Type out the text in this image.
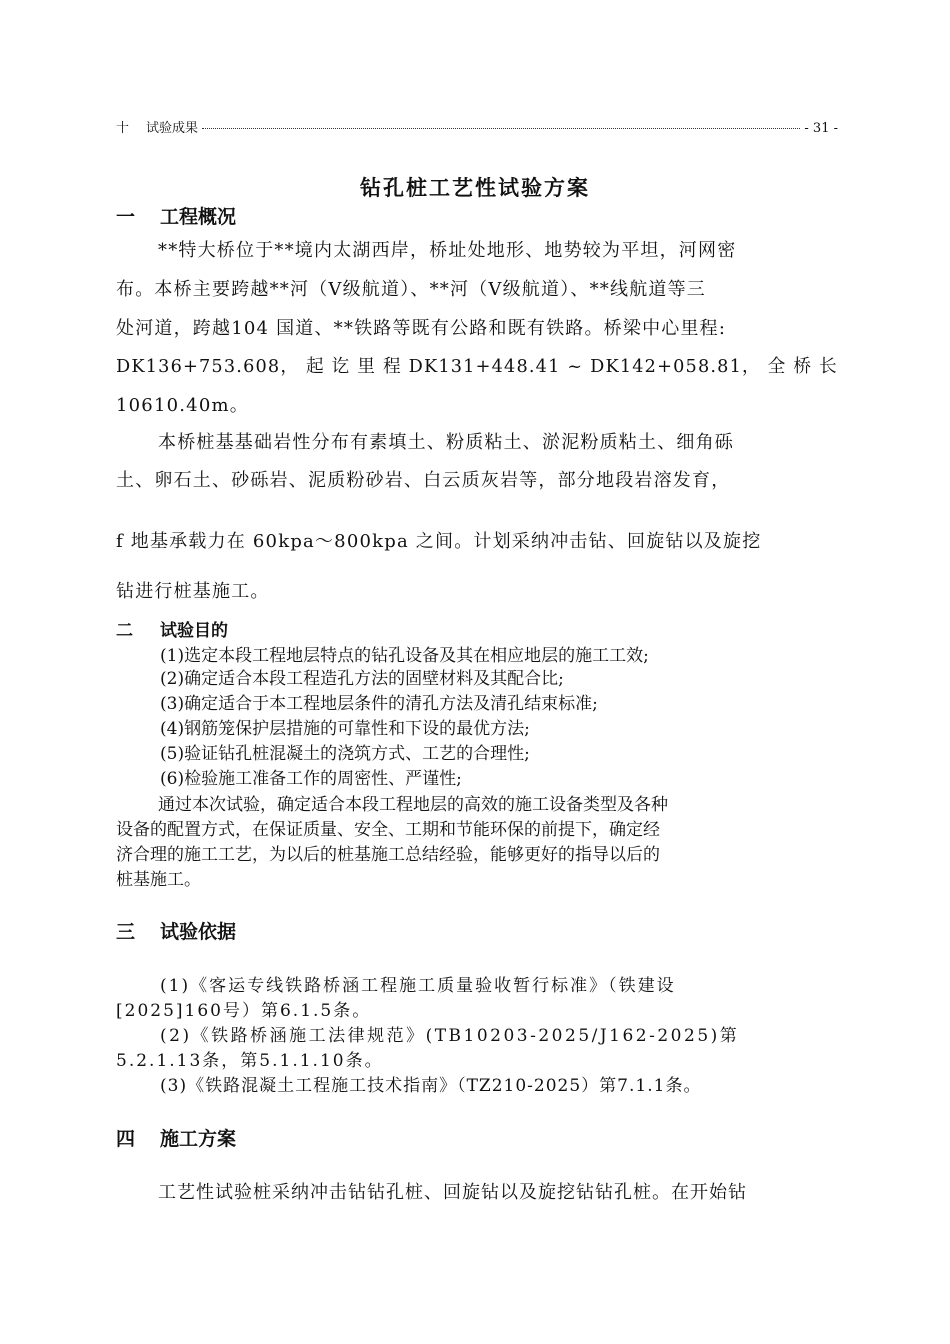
十	试验成果	- 31 -
钻孔桩工艺性试验方案
一 工程概况
**特大桥位于**境内太湖西岸，桥址处地形、地势较为平坦，河网密
布。本桥主要跨越**河（Ⅴ级航道）、**河（Ⅴ级航道）、**线航道等三
处河道，跨越104 国道、**铁路等既有公路和既有铁路。桥梁中心里程:
DK136+753.608， 起 讫 里 程 DK131+448.41 ~ DK142+058.81， 全 桥 长
10610.40m。
本桥桩基基础岩性分布有素填土、粉质粘土、淤泥粉质粘土、细角砾
土、卵石土、砂砾岩、泥质粉砂岩、白云质灰岩等，部分地段岩溶发育，
f 地基承载力在 60kpa～800kpa 之间。计划采纳冲击钻、回旋钻以及旋挖
钻进行桩基施工。
二 试验目的
(1)选定本段工程地层特点的钻孔设备及其在相应地层的施工工效;
(2)确定适合本段工程造孔方法的固壁材料及其配合比;
(3)确定适合于本工程地层条件的清孔方法及清孔结束标准;
(4)钢筋笼保护层措施的可靠性和下设的最优方法;
(5)验证钻孔桩混凝土的浇筑方式、工艺的合理性;
(6)检验施工准备工作的周密性、严谨性;
通过本次试验，确定适合本段工程地层的高效的施工设备类型及各种
设备的配置方式，在保证质量、安全、工期和节能环保的前提下，确定经
济合理的施工工艺，为以后的桩基施工总结经验，能够更好的指导以后的
桩基施工。
三 试验依据
(1)《客运专线铁路桥涵工程施工质量验收暂行标准》（铁建设
[2025]160号）第6.1.5条。
(2)《铁路桥涵施工法律规范》(TB10203-2025/J162-2025)第
5.2.1.13条，第5.1.1.10条。
(3)《铁路混凝土工程施工技术指南》（TZ210-2025）第7.1.1条。
四 施工方案
工艺性试验桩采纳冲击钻钻孔桩、回旋钻以及旋挖钻钻孔桩。在开始钻
